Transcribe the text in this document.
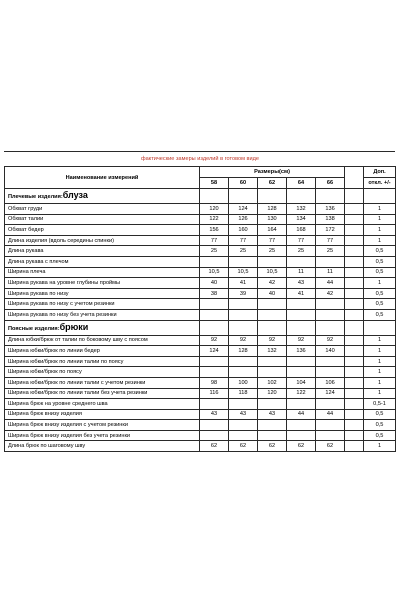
фактические замеры изделий в готовом виде
Наименование измерений	Размеры(см)						Доп.
	58	60	62	64	66		откл. +/-
Плечевые изделия:блуза							
Обхват груди	120	124	128	132	136		1
Обхват талии	122	126	130	134	138		1
Обхват бедер	156	160	164	168	172		1
Длина изделия (вдоль середины спинки)	77	77	77	77	77		1
Длина рукава	25	25	25	25	25		0,5
Длина рукава с плечом							0,5
Ширина плеча	10,5	10,5	10,5	11	11		0,5
Ширина рукава на уровне глубины проймы	40	41	42	43	44		1
Ширина рукава по низу	38	39	40	41	42		0,5
Ширина рукава по низу с учетом резинки							0,5
Ширина рукава по низу без учета резинки							0,5
Поясные изделия:брюки							
Длина юбки/брюк от талии по боковому шву с поясом	92	92	92	92	92		1
Ширина юбки/брюк по линии бедер	124	128	132	136	140		1
Ширина юбки/брюк по линии талии по поясу							1
Ширина юбки/брюк по поясу							1
Ширина юбки/брюк по линии талии с учетом резинки	98	100	102	104	106		1
Ширина юбки/брюк по линии талии без учета резинки	116	118	120	122	124		1
Ширина брюк на уровне среднего шва							0,5-1
Ширина брюк внизу изделия	43	43	43	44	44		0,5
Ширина брюк внизу изделия с учетом резинки							0,5
Ширина брюк внизу изделия без учета резинки							0,5
Длина брюк по шаговому шву	62	62	62	62	62		1
